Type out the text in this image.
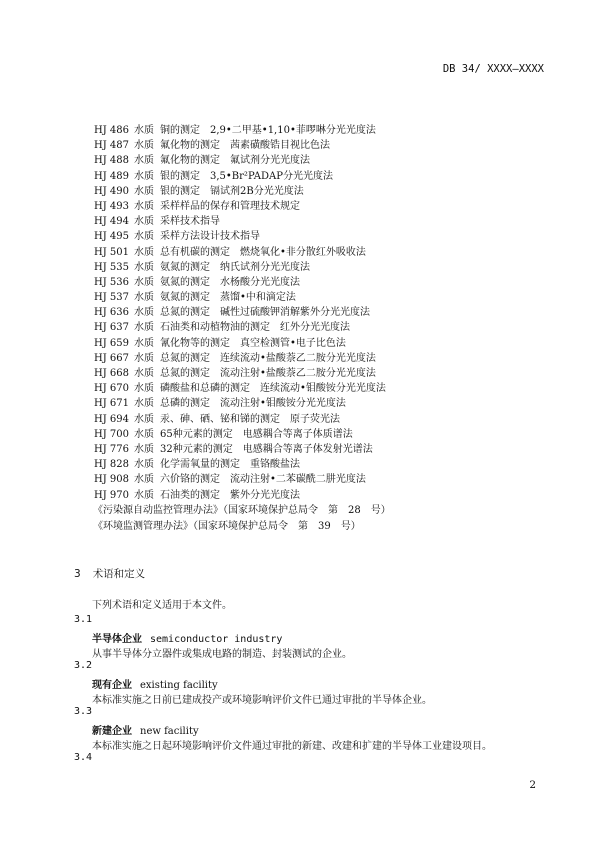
DB 34/ XXXX—XXXX
HJ 486 水质 铜的测定　2,9•二甲基•1,10•菲啰啉分光光度法
HJ 487 水质 氟化物的测定　茜素磺酸锆目视比色法
HJ 488 水质 氟化物的测定　氟试剂分光光度法
HJ 489 水质 银的测定　3,5•Br²PADAP分光光度法
HJ 490 水质 银的测定　镉试剂2B分光光度法
HJ 493 水质 采样样品的保存和管理技术规定
HJ 494 水质 采样技术指导
HJ 495 水质 采样方法设计技术指导
HJ 501 水质 总有机碳的测定　燃烧氧化•非分散红外吸收法
HJ 535 水质 氨氮的测定　纳氏试剂分光光度法
HJ 536 水质 氨氮的测定　水杨酸分光光度法
HJ 537 水质 氨氮的测定　蒸馏•中和滴定法
HJ 636 水质 总氮的测定　碱性过硫酸钾消解紫外分光光度法
HJ 637 水质 石油类和动植物油的测定　红外分光光度法
HJ 659 水质 氰化物等的测定　真空检测管•电子比色法
HJ 667 水质 总氮的测定　连续流动•盐酸萘乙二胺分光光度法
HJ 668 水质 总氮的测定　流动注射•盐酸萘乙二胺分光光度法
HJ 670 水质 磷酸盐和总磷的测定　连续流动•钼酸铵分光光度法
HJ 671 水质 总磷的测定　流动注射•钼酸铵分光光度法
HJ 694 水质 汞、砷、硒、铋和锑的测定　原子荧光法
HJ 700 水质 65种元素的测定　电感耦合等离子体质谱法
HJ 776 水质 32种元素的测定　电感耦合等离子体发射光谱法
HJ 828 水质 化学需氧量的测定　重铬酸盐法
HJ 908 水质 六价铬的测定　流动注射•二苯碳酰二肼光度法
HJ 970 水质 石油类的测定　紫外分光光度法
《污染源自动监控管理办法》（国家环境保护总局令　第　28　号）
《环境监测管理办法》（国家环境保护总局令　第　39　号）
3 术语和定义
下列术语和定义适用于本文件。
3.1
半导体企业 semiconductor industry
从事半导体分立器件或集成电路的制造、封装测试的企业。
3.2
现有企业 existing facility
本标准实施之日前已建成投产或环境影响评价文件已通过审批的半导体企业。
3.3
新建企业 new facility
本标准实施之日起环境影响评价文件通过审批的新建、改建和扩建的半导体工业建设项目。
3.4
2
